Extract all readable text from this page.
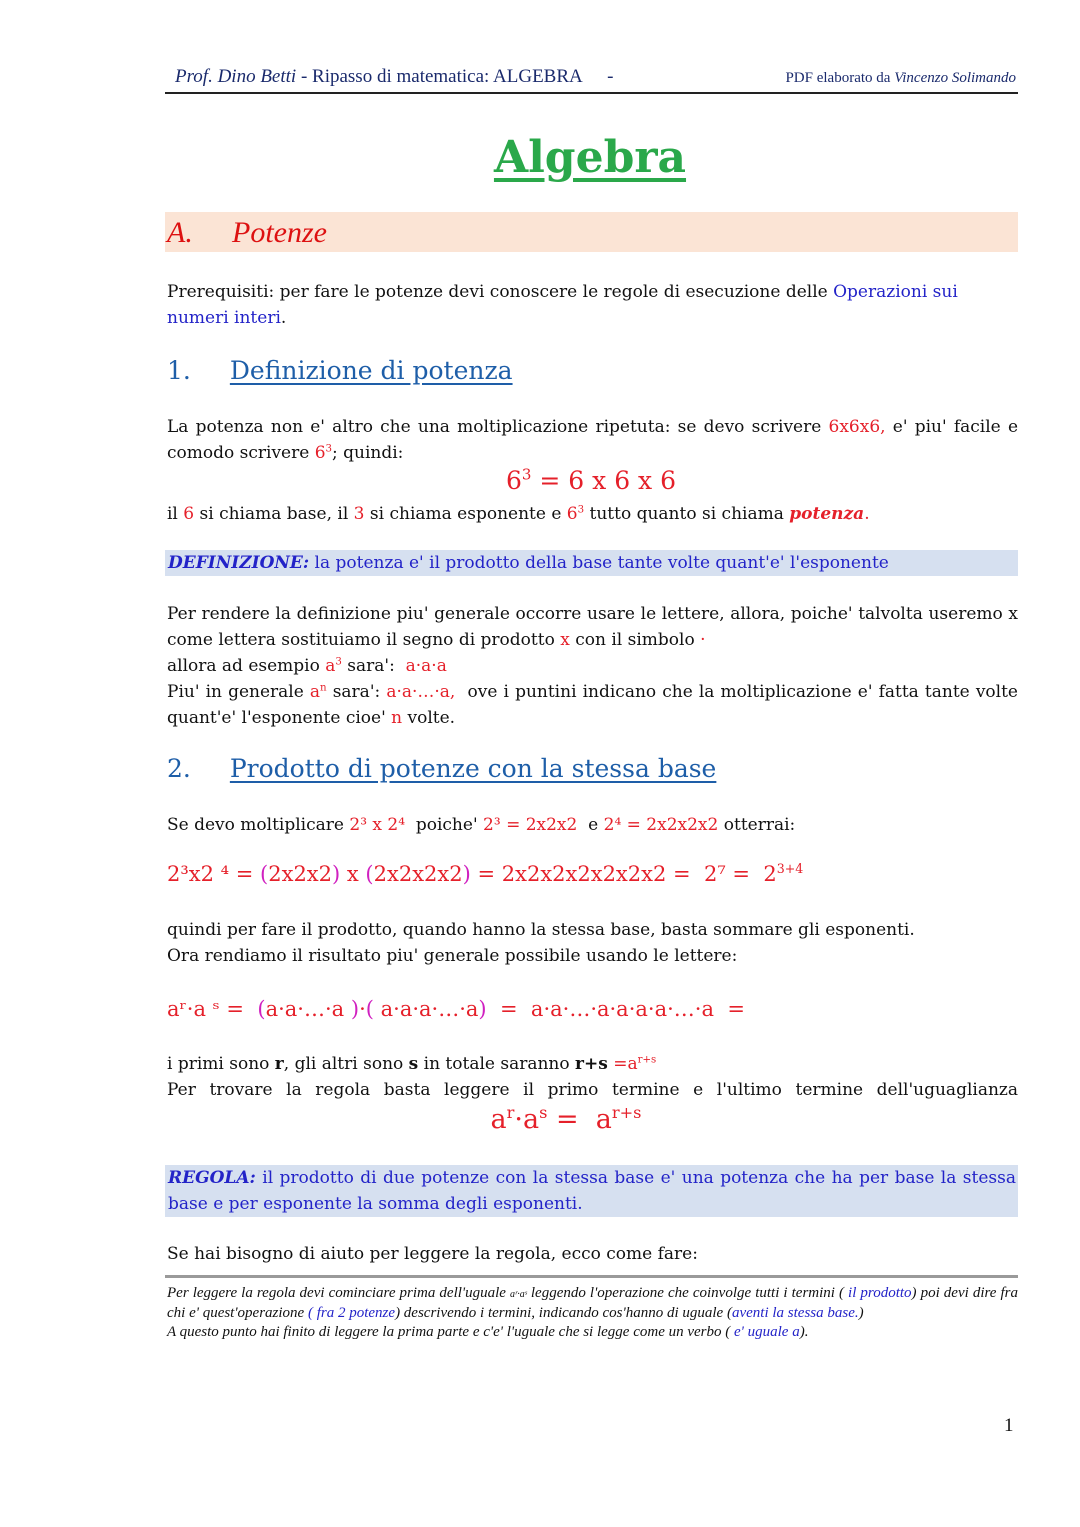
Prof. Dino Betti - Ripasso di matematica: ALGEBRA -	PDF elaborato da Vincenzo Solimando
Algebra
A. Potenze

Prerequisiti: per fare le potenze devi conoscere le regole di esecuzione delle Operazioni sui numeri interi.

1. Definizione di potenza

La potenza non e' altro che una moltiplicazione ripetuta: se devo scrivere 6x6x6, e' piu' facile e comodo scrivere $6^3$; quindi:

$6^3 = 6$ x 6 x 6

il 6 si chiama base, il 3 si chiama esponente e $6^3$ tutto quanto si chiama potenza.

DEFINIZIONE: la potenza e' il prodotto della base tante volte quant'e' l'esponente

Per rendere la definizione piu' generale occorre usare le lettere, allora, poiche' talvolta useremo x come lettera sostituiamo il segno di prodotto x con il simbolo ·

allora ad esempio $a^3$ sara':  a·a·a

Piu' in generale $a^n$ sara': a·a·…·a,  ove i puntini indicano che la moltiplicazione e' fatta tante volte quant'e' l'esponente cioe' n volte.

2. Prodotto di potenze con la stessa base

Se devo moltiplicare 2³ x 2⁴  poiche' 2³ = 2x2x2  e 2⁴ = 2x2x2x2 otterrai:

2³x2 ⁴ = (2x2x2) x $(2x2x2x2) = 2x2x2x2x2x2x2 = 2^7 = 2^{3+4}$

quindi per fare il prodotto, quando hanno la stessa base, basta sommare gli esponenti.

Ora rendiamo il risultato piu' generale possibile usando le lettere:

aʳ·a ˢ =  (a·a·…·a )·( a·a·a·…·a)  =  a·a·…·a·a·a·a·…·a  =

i primi sono r, gli altri sono s in totale saranno $r+s =a^{r+s}$

Per trovare la regola basta leggere il primo termine e l'ultimo termine dell'uguaglianza

$a^r\cdot a^s = a^{r+s}$

REGOLA: il prodotto di due potenze con la stessa base e' una potenza che ha per base la stessa base e per esponente la somma degli esponenti.

Se hai bisogno di aiuto per leggere la regola, ecco come fare:

Per leggere la regola devi cominciare prima dell'uguale aʳ·aˢ leggendo l'operazione che coinvolge tutti i termini ( il prodotto) poi devi dire fra chi e' quest'operazione ( fra 2 potenze) descrivendo i termini, indicando cos'hanno di uguale (aventi la stessa base.)
A questo punto hai finito di leggere la prima parte e c'e' l'uguale che si legge come un verbo ( e' uguale a).
1
